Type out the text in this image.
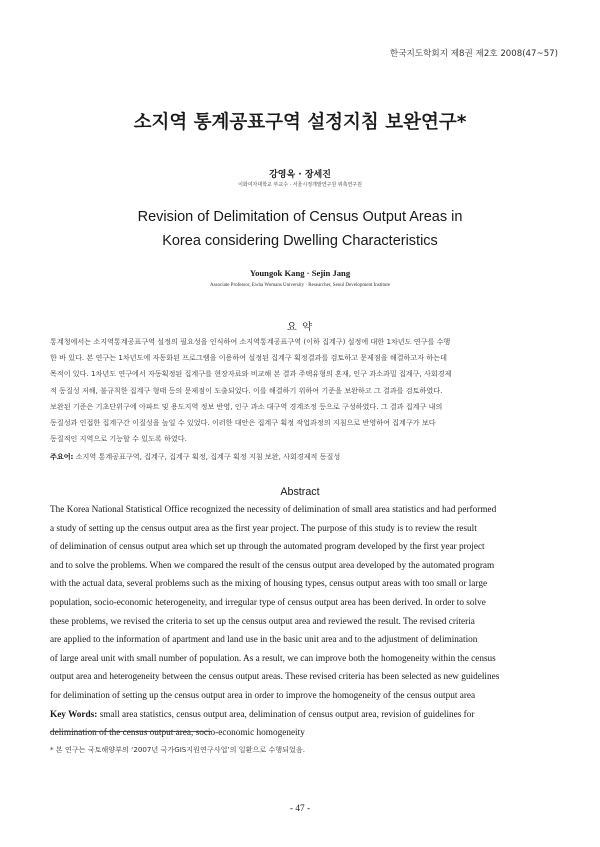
한국지도학회지 제8권 제2호 2008(47~57)
소지역 통계공표구역 설정지침 보완연구*
강영옥 · 장세진
이화여자대학교 부교수 · 서울시정개발연구원 위촉연구원
Revision of Delimitation of Census Output Areas in
Korea considering Dwelling Characteristics
Youngok Kang · Sejin Jang
Associate Professor, Ewha Womans University · Researcher, Seoul Development Institute
요 약
통계청에서는 소지역통계공표구역 설정의 필요성을 인식하여 소지역통계공표구역 (이하 집계구) 설정에 대한 1차년도 연구를 수행
한 바 있다. 본 연구는 1차년도에 자동화된 프로그램을 이용하여 설정된 집계구 획정결과를 검토하고 문제점을 해결하고자 하는데
목적이 있다. 1차년도 연구에서 자동획정된 집계구를 현장자료와 비교해 본 결과 주택유형의 혼재, 인구 과소과밀 집계구, 사회경제
적 동질성 저해, 불규칙한 집계구 형태 등의 문제점이 도출되었다. 이를 해결하기 위하여 기준을 보완하고 그 결과를 검토하였다.
보완된 기준은 기초단위구에 아파트 및 용도지역 정보 반영, 인구 과소 대구역 경계조정 등으로 구성하였다. 그 결과 집계구 내의
동질성과 인접한 집계구간 이질성을 높일 수 있었다. 이러한 대안은 집계구 획정 작업과정의 지침으로 반영하여 집계구가 보다
동질적인 지역으로 기능할 수 있도록 하였다.
주요어: 소지역 통계공표구역, 집계구, 집계구 획정, 집계구 획정 지침 보완, 사회경제적 동질성
Abstract
The Korea National Statistical Office recognized the necessity of delimination of small area statistics and had performed
a study of setting up the census output area as the first year project. The purpose of this study is to review the result
of delimination of census output area which set up through the automated program developed by the first year project
and to solve the problems. When we compared the result of the census output area developed by the automated program
with the actual data, several problems such as the mixing of housing types, census output areas with too small or large
population, socio-economic heterogeneity, and irregular type of census output area has been derived. In order to solve
these problems, we revised the criteria to set up the census output area and reviewed the result. The revised criteria
are applied to the information of apartment and land use in the basic unit area and to the adjustment of delimination
of large areal unit with small number of population. As a result, we can improve both the homogeneity within the census
output area and heterogeneity between the census output areas. These revised criteria has been selected as new guidelines
for delimination of setting up the census output area in order to improve the homogeneity of the census output area
Key Words: small area statistics, census output area, delimination of census output area, revision of guidelines for
delimination of the census output area, socio-economic homogeneity
* 본 연구는 국토해양부의 ‘2007년 국가GIS지원연구사업’의 일환으로 수행되었음.
- 47 -
